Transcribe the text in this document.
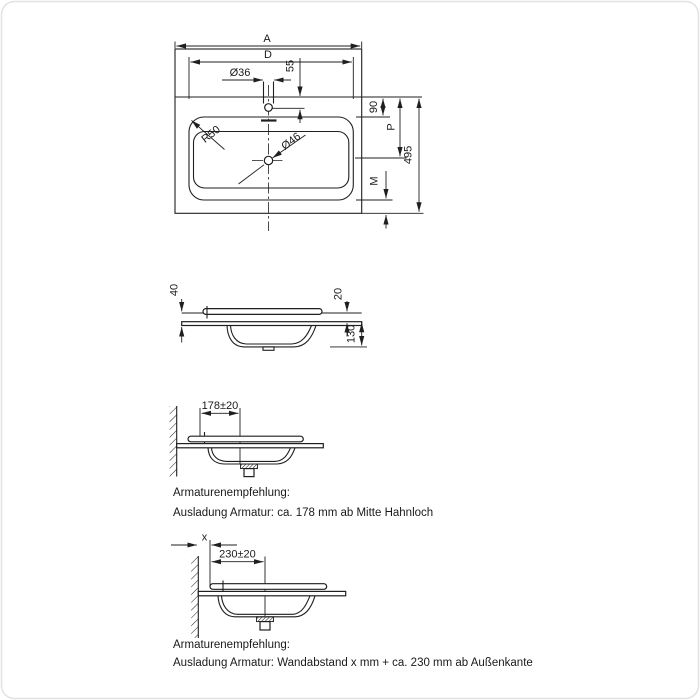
Ø36
A
D
55
90
P
495
M
R50	Ø46
40	20
130
178±20
Armaturenempfehlung:
Ausladung Armatur: ca. 178 mm ab Mitte Hahnloch
x
230±20
Armaturenempfehlung:
Ausladung Armatur: Wandabstand x mm + ca. 230 mm ab Außenkante
